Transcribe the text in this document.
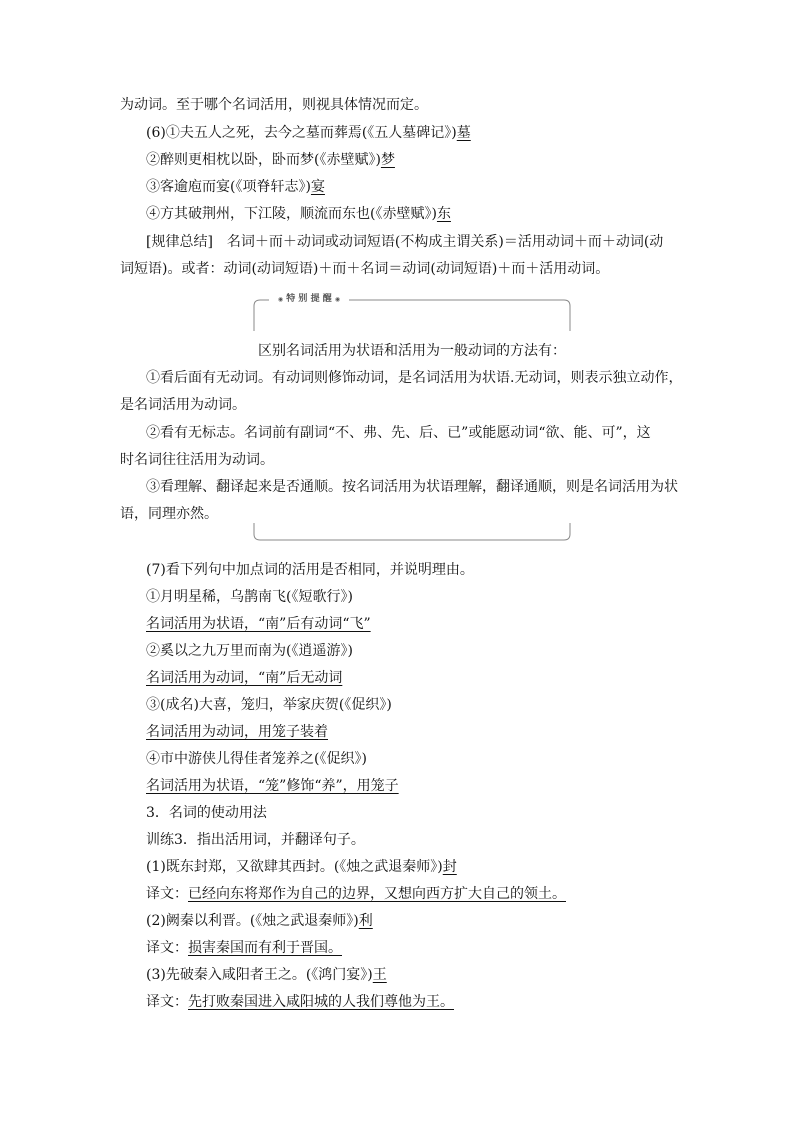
为动词。至于哪个名词活用，则视具体情况而定。
(6)①夫五人之死，去今之墓而葬焉(《五人墓碑记》)墓
②醉则更相枕以卧，卧而梦(《赤壁赋》)梦
③客逾庖而宴(《项脊轩志》)宴
④方其破荆州，下江陵，顺流而东也(《赤壁赋》)东
[规律总结]　名词＋而＋动词或动词短语(不构成主谓关系)＝活用动词＋而＋动词(动
词短语)。或者：动词(动词短语)＋而＋名词＝动词(动词短语)＋而＋活用动词。
◉ 特 别 提 醒 ◉
区别名词活用为状语和活用为一般动词的方法有：
①看后面有无动词。有动词则修饰动词，是名词活用为状语.无动词，则表示独立动作，
是名词活用为动词。
②看有无标志。名词前有副词“不、弗、先、后、已”或能愿动词“欲、能、可”，这
时名词往往活用为动词。
③看理解、翻译起来是否通顺。按名词活用为状语理解，翻译通顺，则是名词活用为状
语，同理亦然。
(7)看下列句中加点词的活用是否相同，并说明理由。
①月明星稀，乌鹊南飞(《短歌行》)
名词活用为状语，“南”后有动词“飞”
②奚以之九万里而南为(《逍遥游》)
名词活用为动词，“南”后无动词
③(成名)大喜，笼归，举家庆贺(《促织》)
名词活用为动词，用笼子装着
④市中游侠儿得佳者笼养之(《促织》)
名词活用为状语，“笼”修饰“养”，用笼子
3．名词的使动用法
训练3．指出活用词，并翻译句子。
(1)既东封郑，又欲肆其西封。(《烛之武退秦师》)封
译文：已经向东将郑作为自己的边界，又想向西方扩大自己的领土。
(2)阙秦以利晋。(《烛之武退秦师》)利
译文：损害秦国而有利于晋国。
(3)先破秦入咸阳者王之。(《鸿门宴》)王
译文：先打败秦国进入咸阳城的人我们尊他为王。
